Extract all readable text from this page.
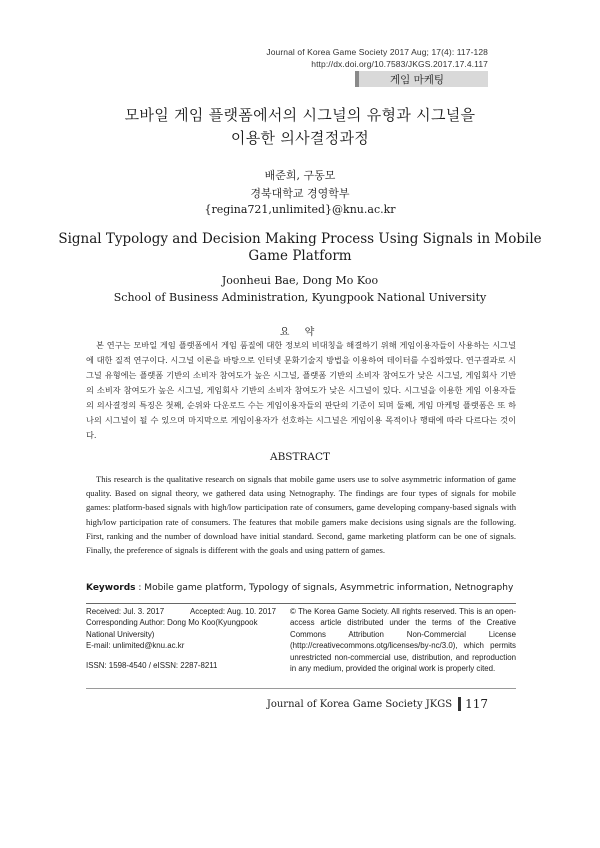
Journal of Korea Game Society 2017 Aug; 17(4): 117-128
http://dx.doi.org/10.7583/JKGS.2017.17.4.117
게임 마케팅
모바일 게임 플랫폼에서의 시그널의 유형과 시그널을
이용한 의사결정과정
배준희, 구동모
경북대학교 경영학부
{regina721,unlimited}@knu.ac.kr
Signal Typology and Decision Making Process Using Signals in Mobile
Game Platform
Joonheui Bae, Dong Mo Koo
School of Business Administration, Kyungpook National University
요 약
본 연구는 모바일 게임 플랫폼에서 게임 품질에 대한 정보의 비대칭을 해결하기 위해 게임이용자들이 사용하는 시그널에 대한 질적 연구이다. 시그널 이론을 바탕으로 인터넷 문화기술지 방법을 이용하여 데이터를 수집하였다. 연구결과로 시그널 유형에는 플랫폼 기반의 소비자 참여도가 높은 시그널, 플랫폼 기반의 소비자 참여도가 낮은 시그널, 게임회사 기반의 소비자 참여도가 높은 시그널, 게임회사 기반의 소비자 참여도가 낮은 시그널이 있다. 시그널을 이용한 게임 이용자들의 의사결정의 특징은 첫째, 순위와 다운로드 수는 게임이용자들의 판단의 기준이 되며 둘째, 게임 마케팅 플랫폼은 또 하나의 시그널이 될 수 있으며 마지막으로 게임이용자가 선호하는 시그널은 게임이용 목적이나 행태에 따라 다르다는 것이다.
ABSTRACT
This research is the qualitative research on signals that mobile game users use to solve asymmetric information of game quality. Based on signal theory, we gathered data using Netnography. The findings are four types of signals for mobile games: platform-based signals with high/low participation rate of consumers, game developing company-based signals with high/low participation rate of consumers. The features that mobile gamers make decisions using signals are the following. First, ranking and the number of download have initial standard. Second, game marketing platform can be one of signals. Finally, the preference of signals is different with the goals and using pattern of games.
Keywords : Mobile game platform, Typology of signals, Asymmetric information, Netnography
Received: Jul. 3. 2017	Accepted: Aug. 10. 2017
Corresponding Author: Dong Mo Koo(Kyungpook National University)
E-mail: unlimited@knu.ac.kr
ISSN: 1598-4540 / eISSN: 2287-8211
© The Korea Game Society. All rights reserved. This is an open-access article distributed under the terms of the Creative Commons Attribution Non-Commercial License (http://creativecommons.otg/licenses/by-nc/3.0), which permits unrestricted non-commercial use, distribution, and reproduction in any medium, provided the original work is properly cited.
Journal of Korea Game Society JKGS 117
